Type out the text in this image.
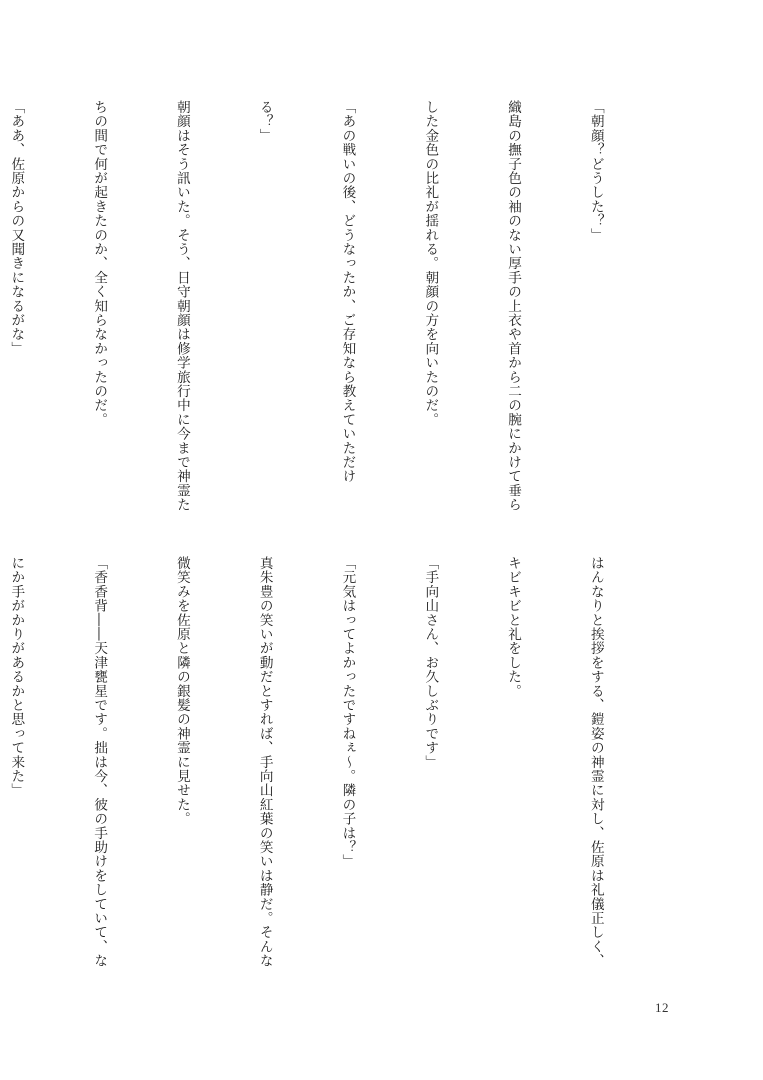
「朝顔？どうした？」

織島の撫子色の袖のない厚手の上衣や首から二の腕にかけて垂ら

した金色の比礼が揺れる。朝顔の方を向いたのだ。

「あの戦いの後、どうなったか、ご存知なら教えていただけ

る？」

朝顔はそう訊いた。そう、日守朝顔は修学旅行中に今まで神霊た

ちの間で何が起きたのか、全く知らなかったのだ。

「ああ、佐原からの又聞きになるがな」

はんなりと挨拶をする、鎧姿の神霊に対し、佐原は礼儀正しく、

キビキビと礼をした。

「手向山さん、お久しぶりです」

「元気はってよかったですねぇ～。隣の子は？」

真朱豊の笑いが動だとすれば、手向山紅葉の笑いは静だ。そんな

微笑みを佐原と隣の銀髪の神霊に見せた。

「香香背――天津甕星です。拙は今、彼の手助けをしていて、な

にか手がかりがあるかと思って来た」

12
